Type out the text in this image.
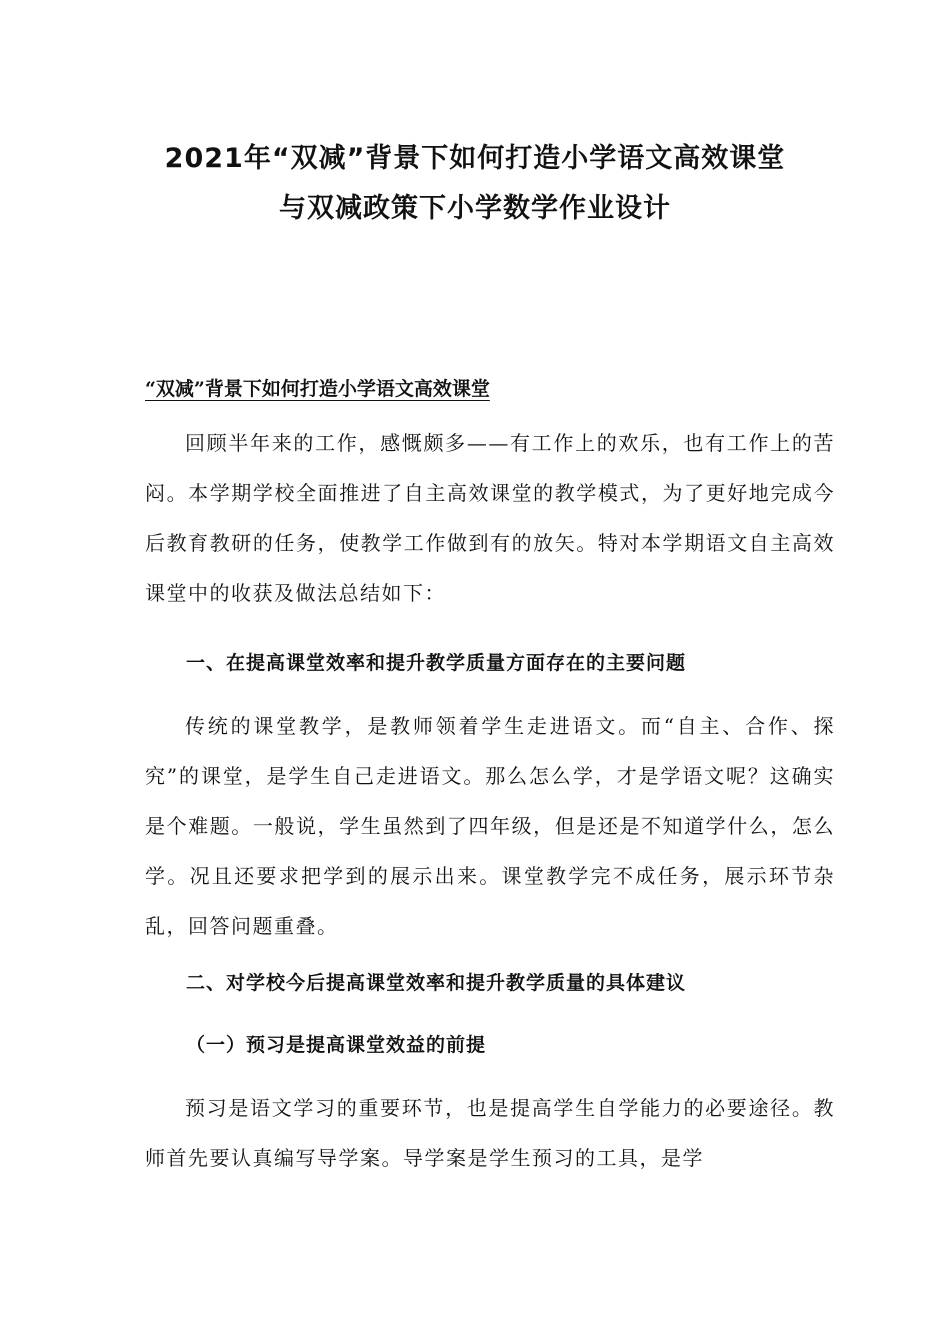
2021年“双减”背景下如何打造小学语文高效课堂
与双减政策下小学数学作业设计
“双减”背景下如何打造小学语文高效课堂

回顾半年来的工作，感慨颇多——有工作上的欢乐，也有工作上的苦闷。本学期学校全面推进了自主高效课堂的教学模式，为了更好地完成今后教育教研的任务，使教学工作做到有的放矢。特对本学期语文自主高效课堂中的收获及做法总结如下：

一、在提高课堂效率和提升教学质量方面存在的主要问题

传统的课堂教学，是教师领着学生走进语文。而“自主、合作、探究”的课堂，是学生自己走进语文。那么怎么学，才是学语文呢？这确实是个难题。一般说，学生虽然到了四年级，但是还是不知道学什么，怎么学。况且还要求把学到的展示出来。课堂教学完不成任务，展示环节杂乱，回答问题重叠。

二、对学校今后提高课堂效率和提升教学质量的具体建议
（一）预习是提高课堂效益的前提

预习是语文学习的重要环节，也是提高学生自学能力的必要途径。教师首先要认真编写导学案。导学案是学生预习的工具，是学
